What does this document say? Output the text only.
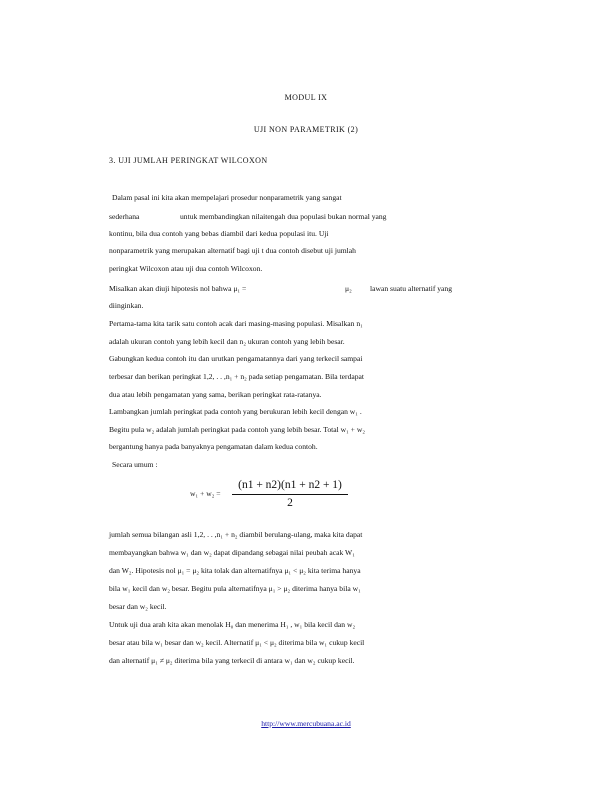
MODUL IX
UJI NON PARAMETRIK (2)
3. UJI JUMLAH PERINGKAT WILCOXON
Dalam pasal ini kita akan mempelajari prosedur nonparametrik yang sangat
sederhana	untuk membandingkan nilaitengah dua populasi bukan normal yang
kontinu, bila dua contoh yang bebas diambil dari kedua populasi itu. Uji
nonparametrik yang merupakan alternatif bagi uji t dua contoh disebut uji jumlah
peringkat Wilcoxon atau uji dua contoh Wilcoxon.
Misalkan akan diuji hipotesis nol bahwa μ₁ =	μ₂ lawan suatu alternatif yang
diinginkan.
Pertama-tama kita tarik satu contoh acak dari masing-masing populasi. Misalkan n₁
adalah ukuran contoh yang lebih kecil dan n₂ ukuran contoh yang lebih besar.
Gabungkan kedua contoh itu dan urutkan pengamatannya dari yang terkecil sampai
terbesar dan berikan peringkat 1,2, . . ,n₁ + n₂ pada setiap pengamatan. Bila terdapat
dua atau lebih pengamatan yang sama, berikan peringkat rata-ratanya.
Lambangkan jumlah peringkat pada contoh yang berukuran lebih kecil dengan w₁ .
Begitu pula w₂ adalah jumlah peringkat pada contoh yang lebih besar. Total w₁ + w₂
bergantung hanya pada banyaknya pengamatan dalam kedua contoh.
Secara umum :
w₁ + w₂ =
(n1 + n2)(n1 + n2 + 1)
2
jumlah semua bilangan asli 1,2, . . ,n₁ + n₂ diambil berulang-ulang, maka kita dapat
membayangkan bahwa w₁ dan w₂ dapat dipandang sebagai nilai peubah acak W₁
dan W₂. Hipotesis nol μ₁ = μ₂ kita tolak dan alternatifnya μ₁ < μ₂ kita terima hanya
bila w₁ kecil dan w₂ besar. Begitu pula alternatifnya μ₁ > μ₂ diterima hanya bila w₁
besar dan w₂ kecil.
Untuk uji dua arah kita akan menolak H₀ dan menerima H₁ , w₁ bila kecil dan w₂
besar atau bila w₁ besar dan w₂ kecil. Alternatif μ₁ < μ₂ diterima bila w₁ cukup kecil
dan alternatif μ₁ ≠ μ₂ diterima bila yang terkecil di antara w₁ dan w₂ cukup kecil.
http://www.mercubuana.ac.id
